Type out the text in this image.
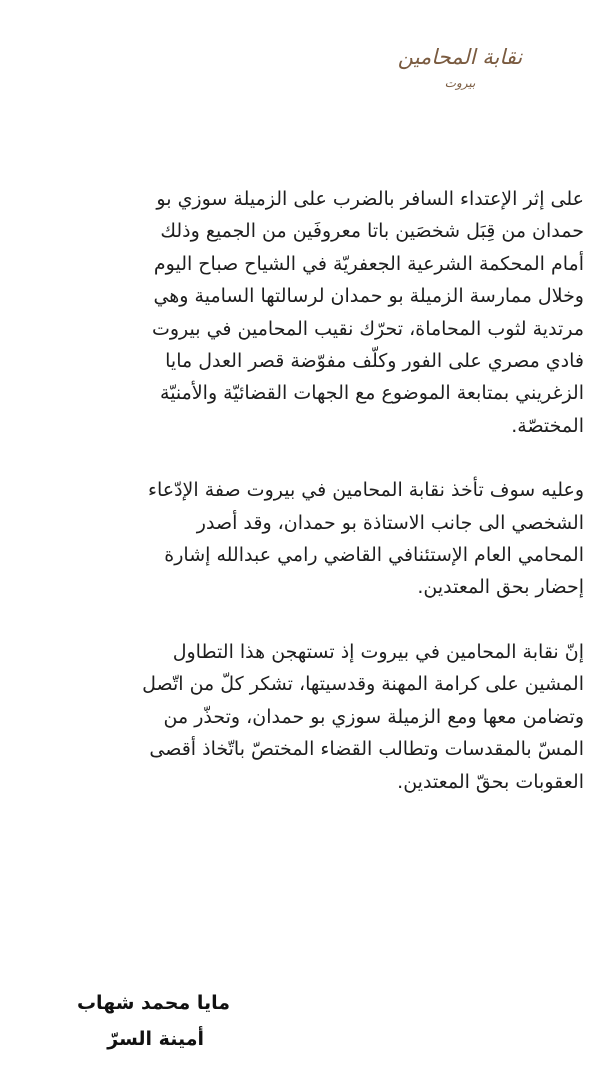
نقابة المحامين
بيروت
على إثر الإعتداء السافر بالضرب على الزميلة سوزي بو
حمدان من قِبَل شخصَين باتا معروفَين من الجميع وذلك
أمام المحكمة الشرعية الجعفريّة في الشياح صباح اليوم
وخلال ممارسة الزميلة بو حمدان لرسالتها السامية وهي
مرتدية لثوب المحاماة، تحرّك نقيب المحامين في بيروت
فادي مصري على الفور وكلّف مفوّضة قصر العدل مايا
الزغريني بمتابعة الموضوع مع الجهات القضائيّة والأمنيّة
المختصّة.
وعليه سوف تأخذ نقابة المحامين في بيروت صفة الإدّعاء
الشخصي الى جانب الاستاذة بو حمدان، وقد أصدر
المحامي العام الإستئنافي القاضي رامي عبدالله إشارة
إحضار بحق المعتدين.
إنّ نقابة المحامين في بيروت إذ تستهجن هذا التطاول
المشين على كرامة المهنة وقدسيتها، تشكر كلّ من اتّصل
وتضامن معها ومع الزميلة سوزي بو حمدان، وتحذّر من
المسّ بالمقدسات وتطالب القضاء المختصّ باتّخاذ أقصى
العقوبات بحقّ المعتدين.
مايا محمد شهاب
أمينة السرّ
